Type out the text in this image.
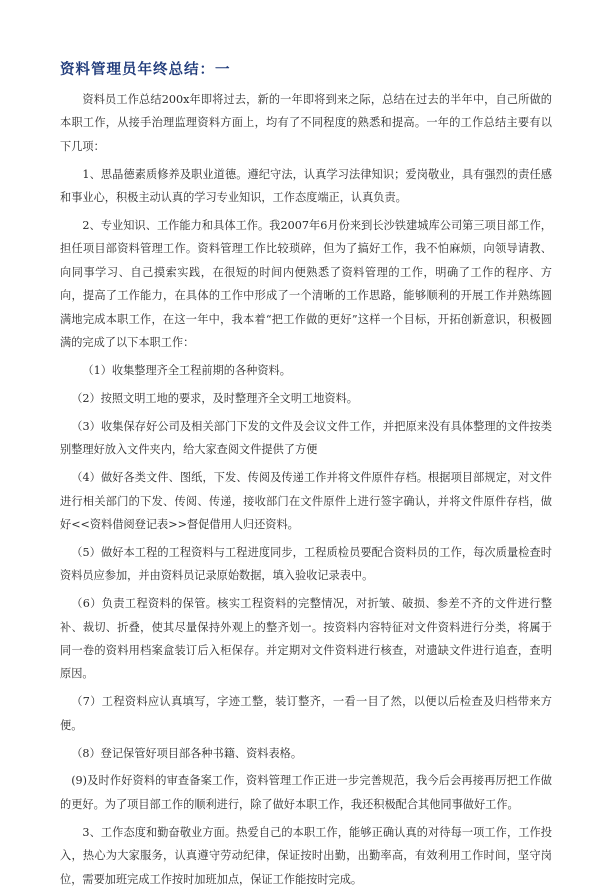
资料管理员年终总结：一

资料员工作总结200x年即将过去，新的一年即将到来之际，总结在过去的半年中，自己所做的本职工作，从接手治理监理资料方面上，均有了不同程度的熟悉和提高。一年的工作总结主要有以下几项：

1、思晶德素质修养及职业道德。遵纪守法，认真学习法律知识；爱岗敬业，具有强烈的责任感和事业心，积极主动认真的学习专业知识，工作态度端正，认真负责。

2、专业知识、工作能力和具体工作。我2007年6月份来到长沙铁建城库公司第三项目部工作，担任项目部资料管理工作。资料管理工作比较琐碎，但为了搞好工作，我不怕麻烦，向领导请教、向同事学习、自己摸索实践，在很短的时间内便熟悉了资料管理的工作，明确了工作的程序、方向，提高了工作能力，在具体的工作中形成了一个清晰的工作思路，能够顺利的开展工作并熟练圆满地完成本职工作，在这一年中，我本着“把工作做的更好”这样一个目标，开拓创新意识，积极圆满的完成了以下本职工作：

（1）收集整理齐全工程前期的各种资料。

（2）按照文明工地的要求，及时整理齐全文明工地资料。

（3）收集保存好公司及相关部门下发的文件及会议文件工作，并把原来没有具体整理的文件按类别整理好放入文件夹内，给大家查阅文件提供了方便

（4）做好各类文件、图纸，下发、传阅及传递工作并将文件原件存档。根据项目部规定，对文件进行相关部门的下发、传阅、传递，接收部门在文件原件上进行签字确认，并将文件原件存档，做好<<资料借阅登记表>>督促借用人归还资料。

（5）做好本工程的工程资料与工程进度同步，工程质检员要配合资料员的工作，每次质量检查时资料员应参加，并由资料员记录原始数据，填入验收记录表中。

（6）负责工程资料的保管。核实工程资料的完整情况，对折皱、破损、参差不齐的文件进行整补、裁切、折叠，使其尽量保持外观上的整齐划一。按资料内容特征对文件资料进行分类，将属于同一卷的资料用档案盒装订后入柜保存。并定期对文件资料进行核查，对遗缺文件进行追查，查明原因。

（7）工程资料应认真填写，字迹工整，装订整齐，一看一目了然，以便以后检查及归档带来方便。

（8）登记保管好项目部各种书籍、资料表格。

(9)及时作好资料的审查备案工作，资料管理工作正进一步完善规范，我今后会再接再厉把工作做的更好。为了项目部工作的顺利进行，除了做好本职工作，我还积极配合其他同事做好工作。

3、工作态度和勤奋敬业方面。热爱自己的本职工作，能够正确认真的对待每一项工作，工作投入，热心为大家服务，认真遵守劳动纪律，保证按时出勤，出勤率高，有效利用工作时间，坚守岗位，需要加班完成工作按时加班加点，保证工作能按时完成。
